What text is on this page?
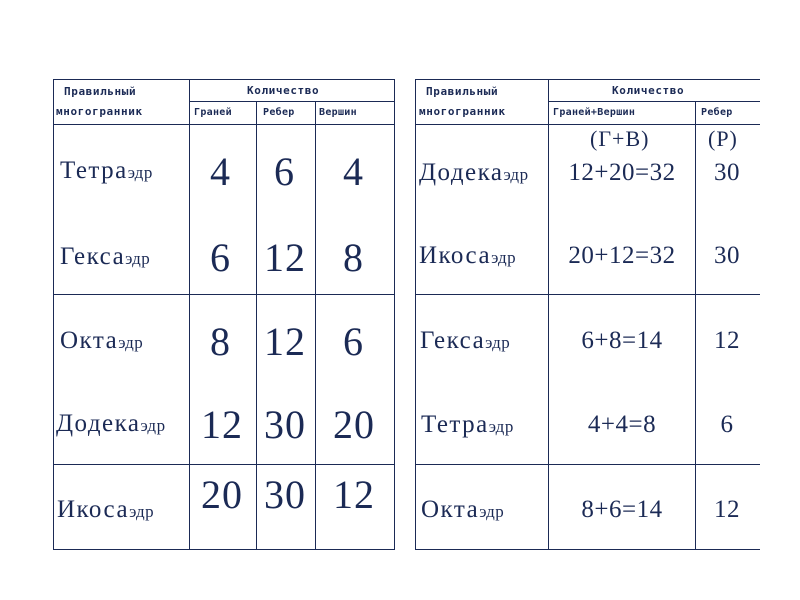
Правильный
многогранник
Количество
Граней	Ребер Вершин
Тетраэдр 4 6 4
Гексаэдр 6 12 8
Октаэдр 8 12 6
Додекаэдр 12 30 20
Икосаэдр 20 30 12
Правильный
многогранник
Количество
Граней+Вершин	Ребер
(Г+В)	(Р)
Додекаэдр	12+20=32	30
Икосаэдр	20+12=32	30
Гексаэдр	6+8=14	12
Тетраэдр	4+4=8	6
Октаэдр	8+6=14	12
